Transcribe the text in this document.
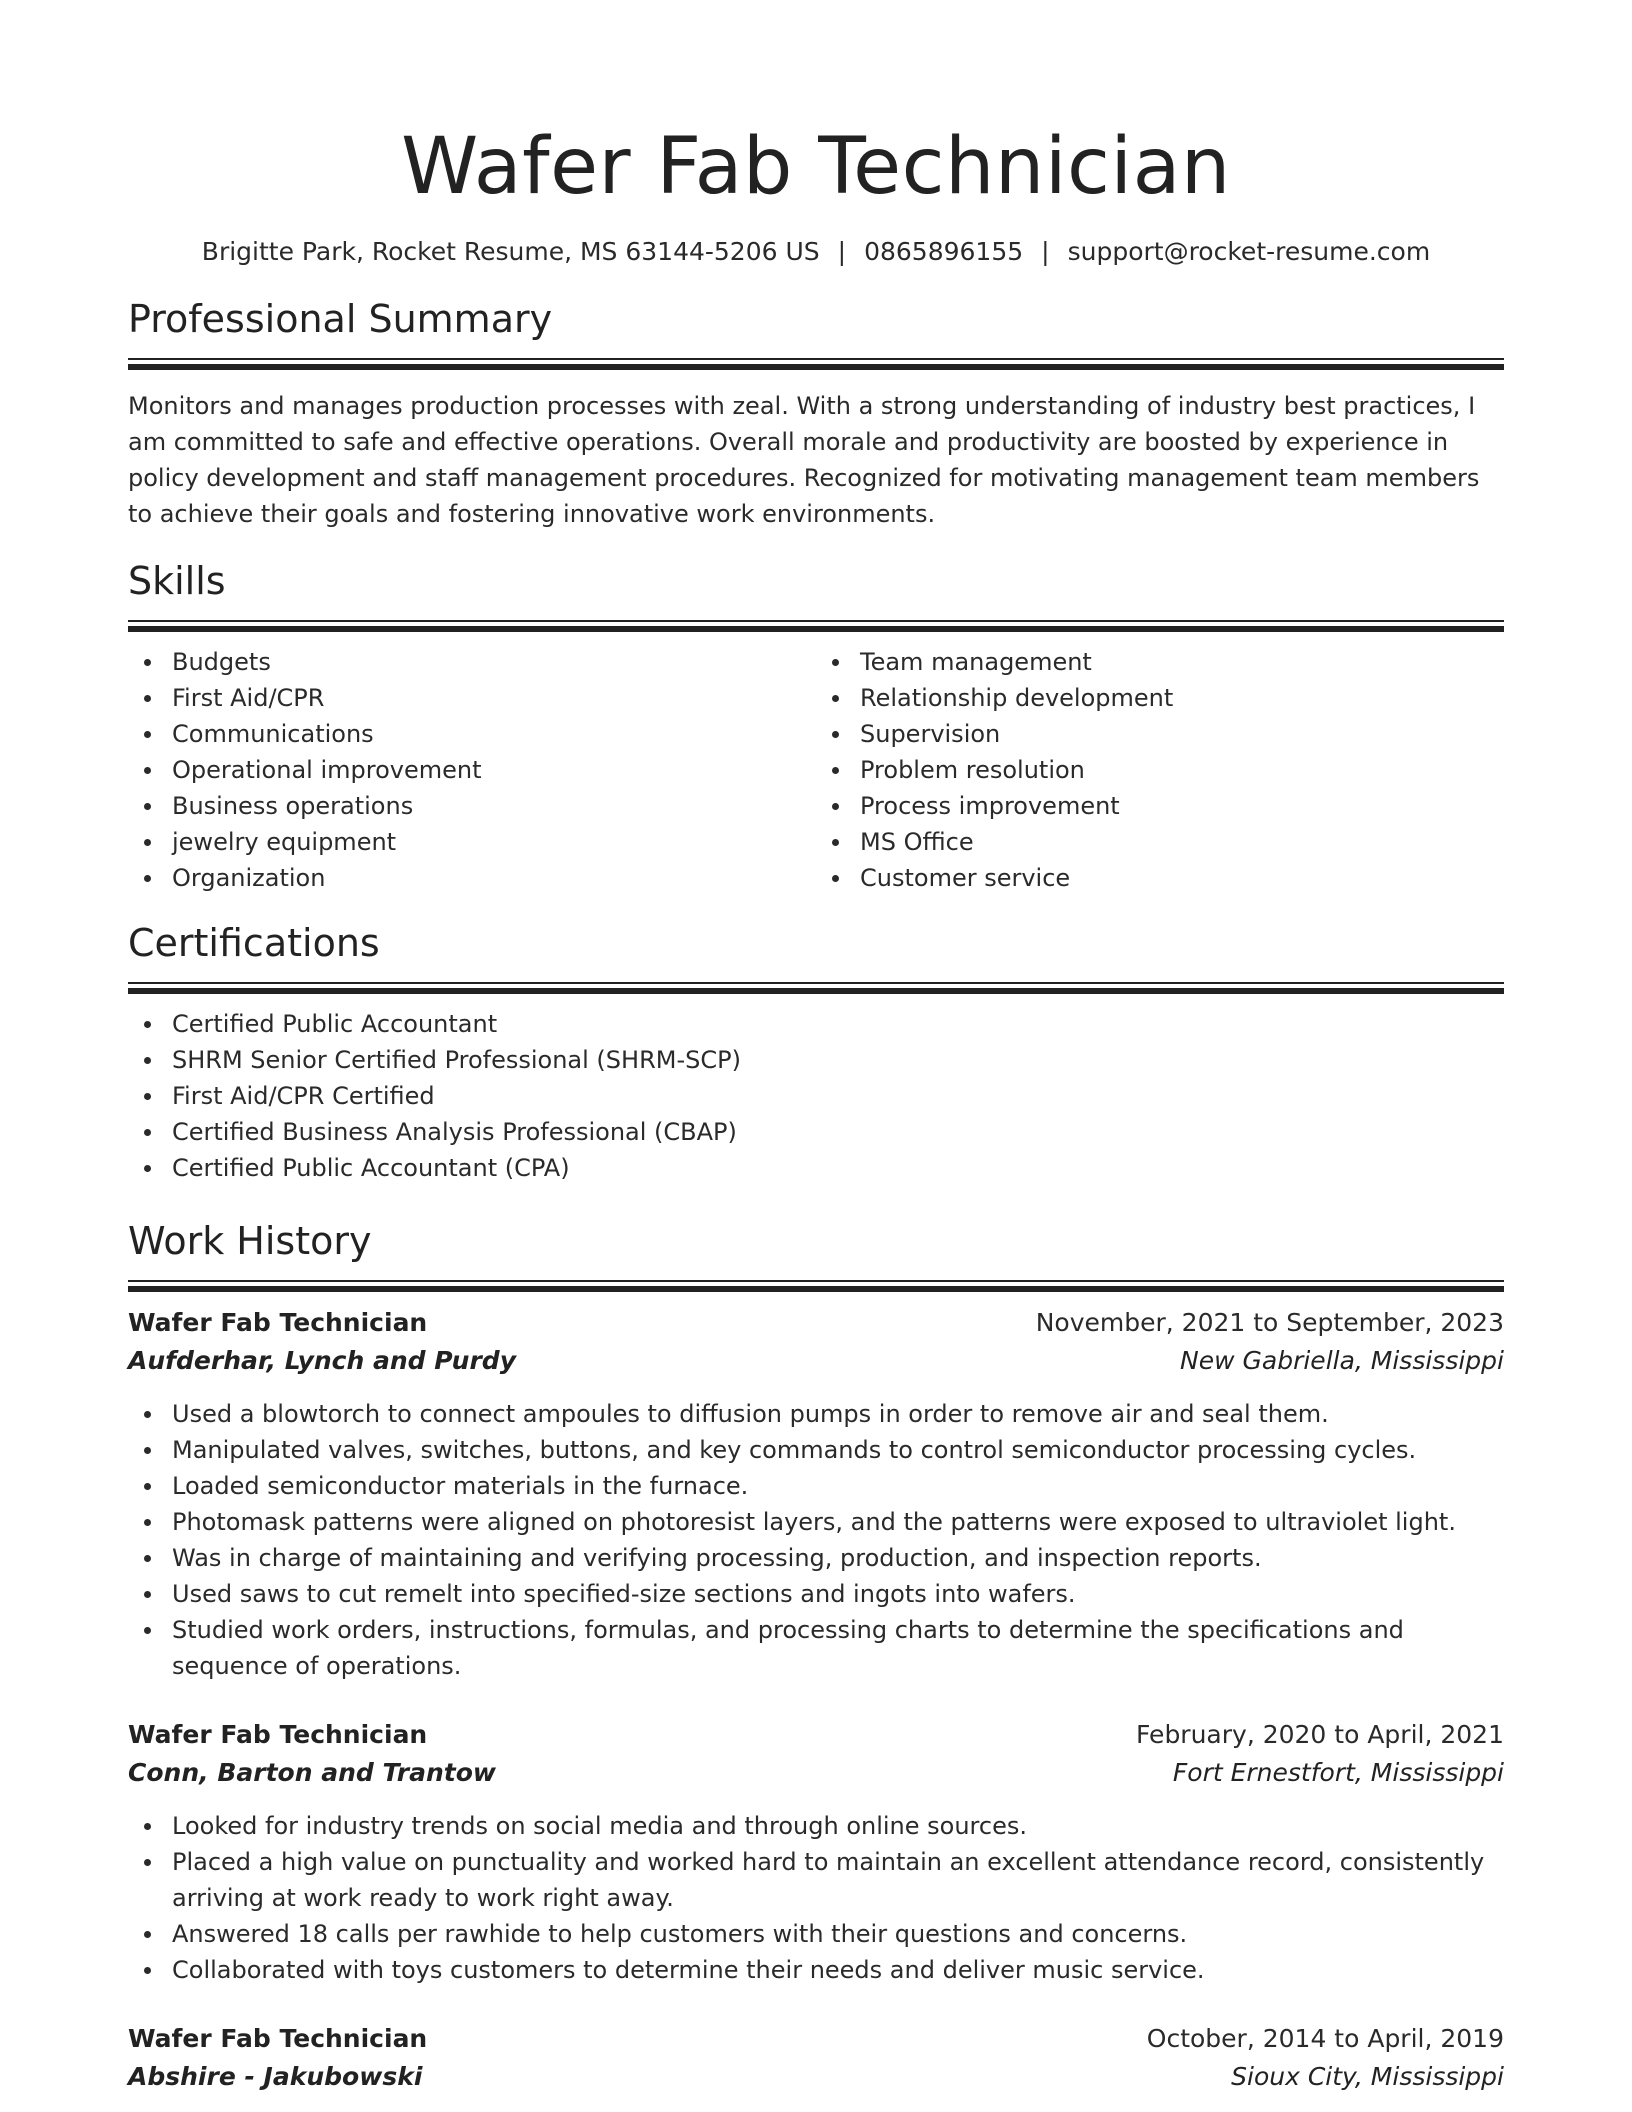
Wafer Fab Technician
Brigitte Park, Rocket Resume, MS 63144-5206 US | 0865896155 | support@rocket-resume.com
Professional Summary

Monitors and manages production processes with zeal. With a strong understanding of industry best practices, I am committed to safe and effective operations. Overall morale and productivity are boosted by experience in policy development and staff management procedures. Recognized for motivating management team members to achieve their goals and fostering innovative work environments.

Skills
Budgets
First Aid/CPR
Communications
Operational improvement
Business operations
jewelry equipment
Organization
Team management
Relationship development
Supervision
Problem resolution
Process improvement
MS Office
Customer service
Certifications
Certified Public Accountant
SHRM Senior Certified Professional (SHRM-SCP)
First Aid/CPR Certified
Certified Business Analysis Professional (CBAP)
Certified Public Accountant (CPA)
Work History
Wafer Fab Technician	November, 2021 to September, 2023
Aufderhar, Lynch and Purdy	New Gabriella, Mississippi
Used a blowtorch to connect ampoules to diffusion pumps in order to remove air and seal them.
Manipulated valves, switches, buttons, and key commands to control semiconductor processing cycles.
Loaded semiconductor materials in the furnace.
Photomask patterns were aligned on photoresist layers, and the patterns were exposed to ultraviolet light.
Was in charge of maintaining and verifying processing, production, and inspection reports.
Used saws to cut remelt into specified-size sections and ingots into wafers.
Studied work orders, instructions, formulas, and processing charts to determine the specifications and sequence of operations.
Wafer Fab Technician	February, 2020 to April, 2021
Conn, Barton and Trantow	Fort Ernestfort, Mississippi
Looked for industry trends on social media and through online sources.
Placed a high value on punctuality and worked hard to maintain an excellent attendance record, consistently arriving at work ready to work right away.
Answered 18 calls per rawhide to help customers with their questions and concerns.
Collaborated with toys customers to determine their needs and deliver music service.
Wafer Fab Technician	October, 2014 to April, 2019
Abshire - Jakubowski	Sioux City, Mississippi
